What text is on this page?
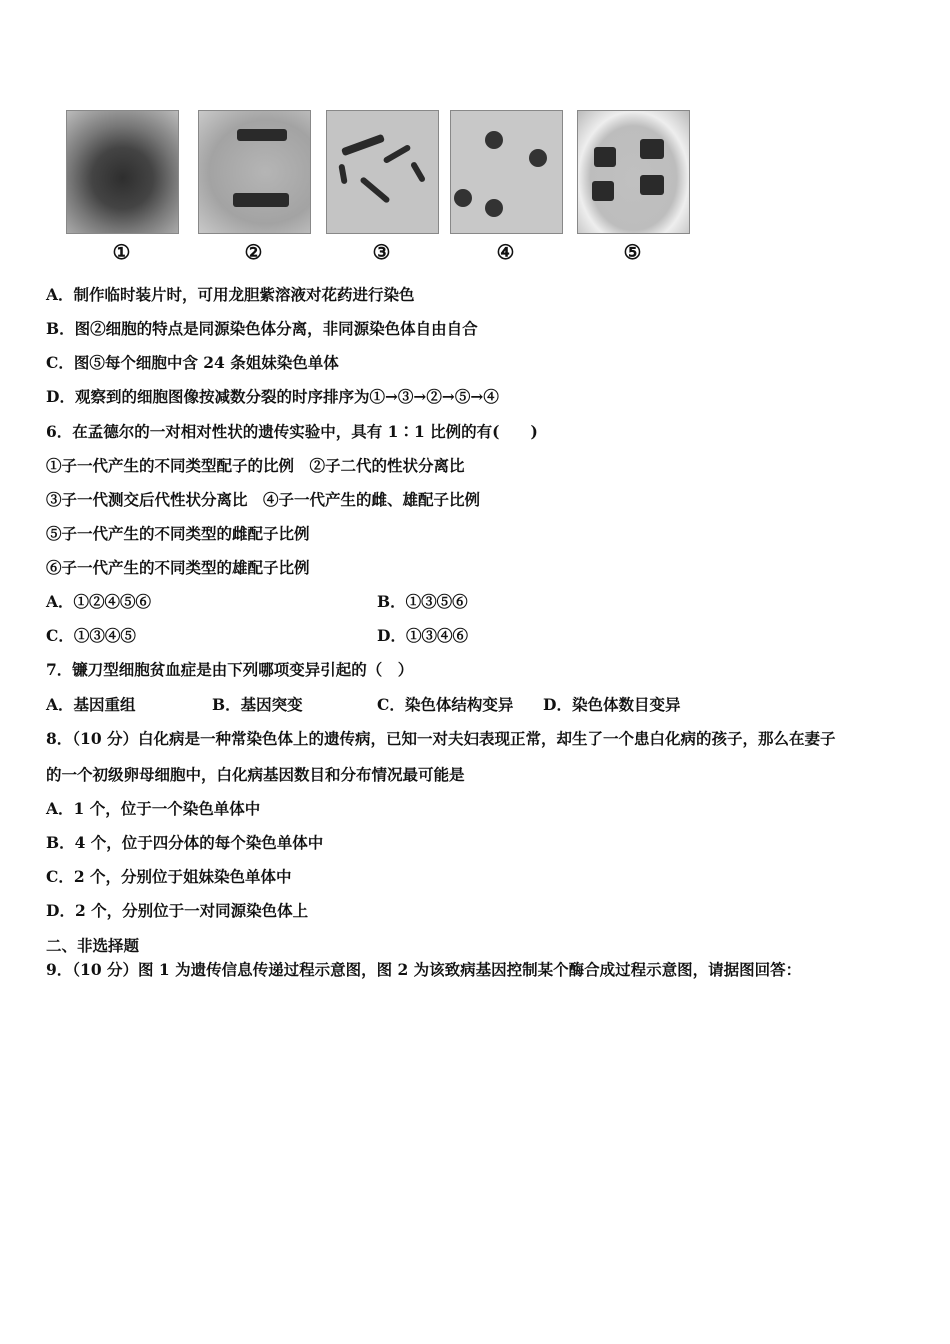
①	②	③	④	⑤
A．制作临时装片时，可用龙胆紫溶液对花药进行染色
B．图②细胞的特点是同源染色体分离，非同源染色体自由自合
C．图⑤每个细胞中含 24 条姐妹染色单体
D．观察到的细胞图像按减数分裂的时序排序为①→③→②→⑤→④
6．在孟德尔的一对相对性状的遗传实验中，具有 1∶1 比例的有(　　)
①子一代产生的不同类型配子的比例　②子二代的性状分离比
③子一代测交后代性状分离比　④子一代产生的雌、雄配子比例
⑤子一代产生的不同类型的雌配子比例
⑥子一代产生的不同类型的雄配子比例
A．①②④⑤⑥	B．①③⑤⑥
C．①③④⑤	D．①③④⑥
7．镰刀型细胞贫血症是由下列哪项变异引起的（　）
A．基因重组	B．基因突变	C．染色体结构变异 D．染色体数目变异
8．（10 分）白化病是一种常染色体上的遗传病，已知一对夫妇表现正常，却生了一个患白化病的孩子，那么在妻子
的一个初级卵母细胞中，白化病基因数目和分布情况最可能是
A．1 个，位于一个染色单体中
B．4 个，位于四分体的每个染色单体中
C．2 个，分别位于姐妹染色单体中
D．2 个，分别位于一对同源染色体上
二、非选择题
9．（10 分）图 1 为遗传信息传递过程示意图，图 2 为该致病基因控制某个酶合成过程示意图，请据图回答：
